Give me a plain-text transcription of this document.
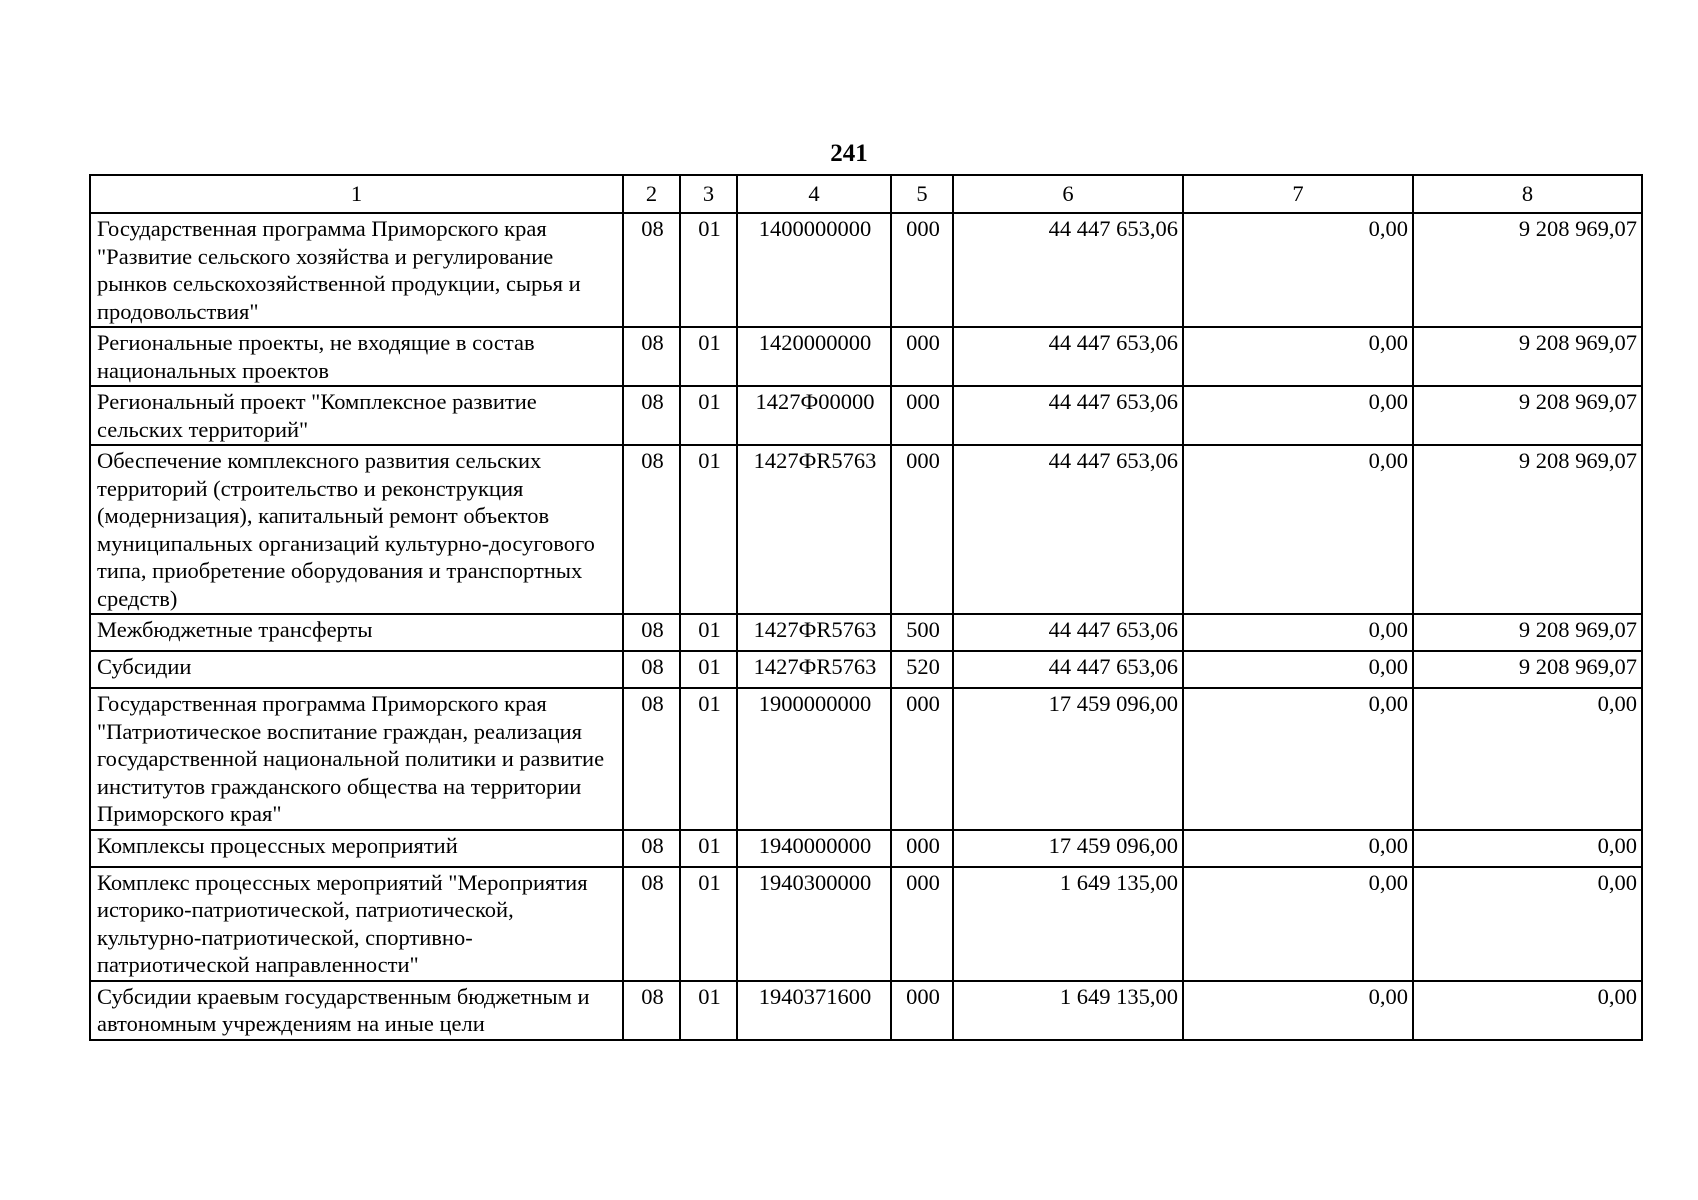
241
1	2	3	4	5	6	7	8
Государственная программа Приморского края "Развитие сельского хозяйства и регулирование рынков сельскохозяйственной продукции, сырья и продовольствия"	08	01	1400000000	000	44 447 653,06	0,00	9 208 969,07
Региональные проекты, не входящие в состав национальных проектов	08	01	1420000000	000	44 447 653,06	0,00	9 208 969,07
Региональный проект "Комплексное развитие сельских территорий"	08	01	1427Ф00000	000	44 447 653,06	0,00	9 208 969,07
Обеспечение комплексного развития сельских территорий (строительство и реконструкция (модернизация), капитальный ремонт объектов муниципальных организаций культурно-досугового типа, приобретение оборудования и транспортных средств)	08	01	1427ФR5763	000	44 447 653,06	0,00	9 208 969,07
Межбюджетные трансферты	08	01	1427ФR5763	500	44 447 653,06	0,00	9 208 969,07
Субсидии	08	01	1427ФR5763	520	44 447 653,06	0,00	9 208 969,07
Государственная программа Приморского края "Патриотическое воспитание граждан, реализация государственной национальной политики и развитие институтов гражданского общества на территории Приморского края"	08	01	1900000000	000	17 459 096,00	0,00	0,00
Комплексы процессных мероприятий	08	01	1940000000	000	17 459 096,00	0,00	0,00
Комплекс процессных мероприятий "Мероприятия историко-патриотической, патриотической, культурно-патриотической, спортивно-патриотической направленности"	08	01	1940300000	000	1 649 135,00	0,00	0,00
Субсидии краевым государственным бюджетным и автономным учреждениям на иные цели	08	01	1940371600	000	1 649 135,00	0,00	0,00
